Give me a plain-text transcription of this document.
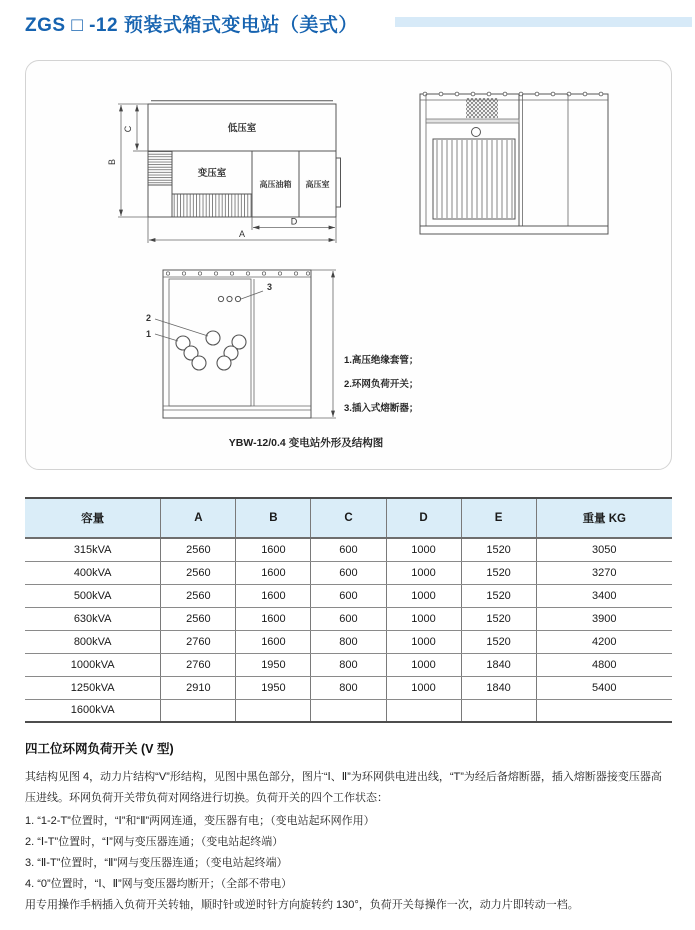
ZGS □ -12 预装式箱式变电站（美式）
低压室
变压室
高压油箱 高压室
B
C
D
A
3
2
1
1.高压绝缘套管；
2.环网负荷开关；
3.插入式熔断器；
YBW-12/0.4 变电站外形及结构图
容量	A	B	C	D	E	重量 KG
315kVA	2560	1600	600	1000	1520	3050
400kVA	2560	1600	600	1000	1520	3270
500kVA	2560	1600	600	1000	1520	3400
630kVA	2560	1600	600	1000	1520	3900
800kVA	2760	1600	800	1000	1520	4200
1000kVA	2760	1950	800	1000	1840	4800
1250kVA	2910	1950	800	1000	1840	5400
1600kVA						
四工位环网负荷开关 (V 型)

其结构见图 4，动力片结构“V”形结构，见图中黑色部分，图片“Ⅰ、Ⅱ”为环网供电进出线，“T”为经后备熔断器，插入熔断器接变压器高压进线。环网负荷开关带负荷对网络进行切换。负荷开关的四个工作状态：

1. “1-2-T”位置时，“Ⅰ”和“Ⅱ”两网连通，变压器有电；（变电站起环网作用）
2. “Ⅰ-T”位置时，“Ⅰ”网与变压器连通；（变电站起终端）
3. “Ⅱ-T”位置时，“Ⅱ”网与变压器连通；（变电站起终端）
4. “0”位置时，“Ⅰ、Ⅱ”网与变压器均断开；（全部不带电）

用专用操作手柄插入负荷开关转轴，顺时针或逆时针方向旋转约 130°，负荷开关每操作一次，动力片即转动一档。
